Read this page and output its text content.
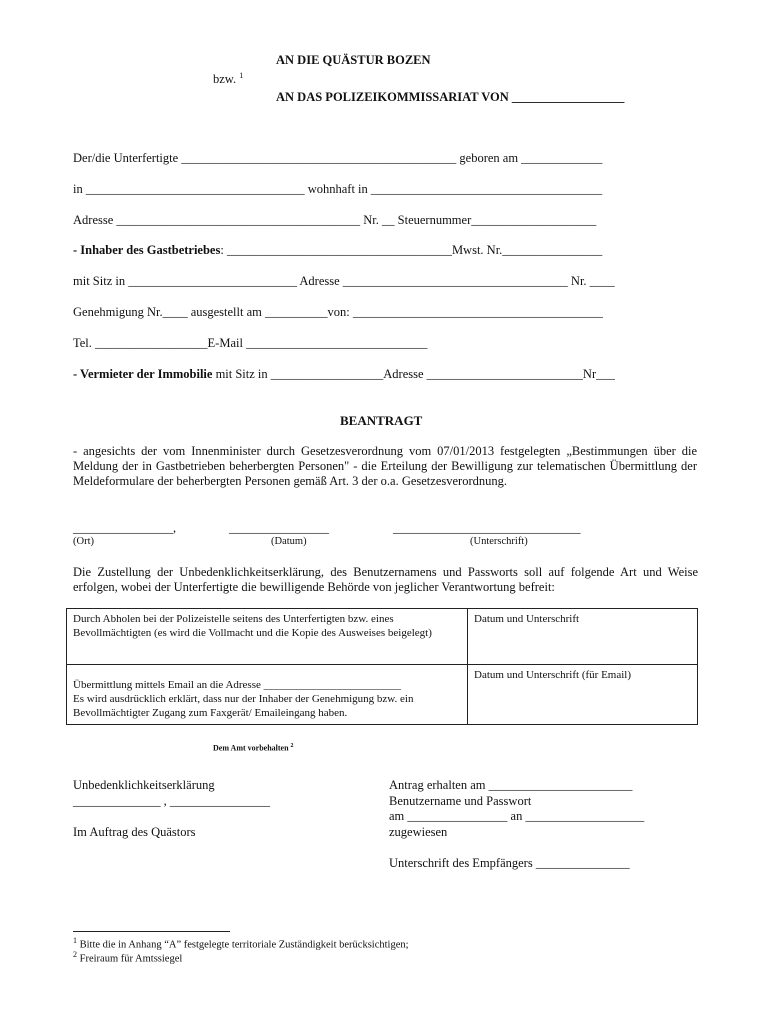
AN DIE QUÄSTUR BOZEN
bzw. $^1$
AN DAS POLIZEIKOMMISSARIAT VON __________________
Der/die Unterfertigte ____________________________________________ geboren am _____________
in ___________________________________ wohnhaft in _____________________________________
Adresse _______________________________________ Nr. __ Steuernummer____________________
- Inhaber des Gastbetriebes: ____________________________________Mwst. Nr.________________
mit Sitz in ___________________________ Adresse ____________________________________ Nr. ____
Genehmigung Nr.____ ausgestellt am __________von: ________________________________________
Tel. __________________E-Mail _____________________________
- Vermieter der Immobilie mit Sitz in __________________Adresse _________________________Nr___
BEANTRAGT
- angesichts der vom Innenminister durch Gesetzesverordnung vom 07/01/2013 festgelegten „Bestimmungen über die Meldung der in Gastbetrieben beherbergten Personen" - die Erteilung der Bewilligung zur telematischen Übermittlung der Meldeformulare der beherbergten Personen gemäß Art. 3 der o.a. Gesetzesverordnung.
________________,	________________	______________________________
(Ort)	(Datum)	(Unterschrift)
Die Zustellung der Unbedenklichkeitserklärung, des Benutzernamens und Passworts soll auf folgende Art und Weise erfolgen, wobei der Unterfertigte die bewilligende Behörde von jeglicher Verantwortung befreit:
Durch Abholen bei der Polizeistelle seitens des Unterfertigten bzw. eines Bevollmächtigten (es wird die Vollmacht und die Kopie des Ausweises beigelegt)	Datum und Unterschrift

Übermittlung mittels Email an die Adresse _________________________
Es wird ausdrücklich erklärt, dass nur der Inhaber der Genehmigung bzw. ein Bevollmächtigter Zugang zum Faxgerät/ Emaileingang haben.	Datum und Unterschrift (für Email)
Dem Amt vorbehalten $^2$
Unbedenklichkeitserklärung
______________ , ________________
Im Auftrag des Quästors
Antrag erhalten am _______________________
Benutzername und Passwort
am ________________ an ___________________
zugewiesen
Unterschrift des Empfängers _______________
$^1$ Bitte die in Anhang “A” festgelegte territoriale Zuständigkeit berücksichtigen;
$^2$ Freiraum für Amtssiegel
